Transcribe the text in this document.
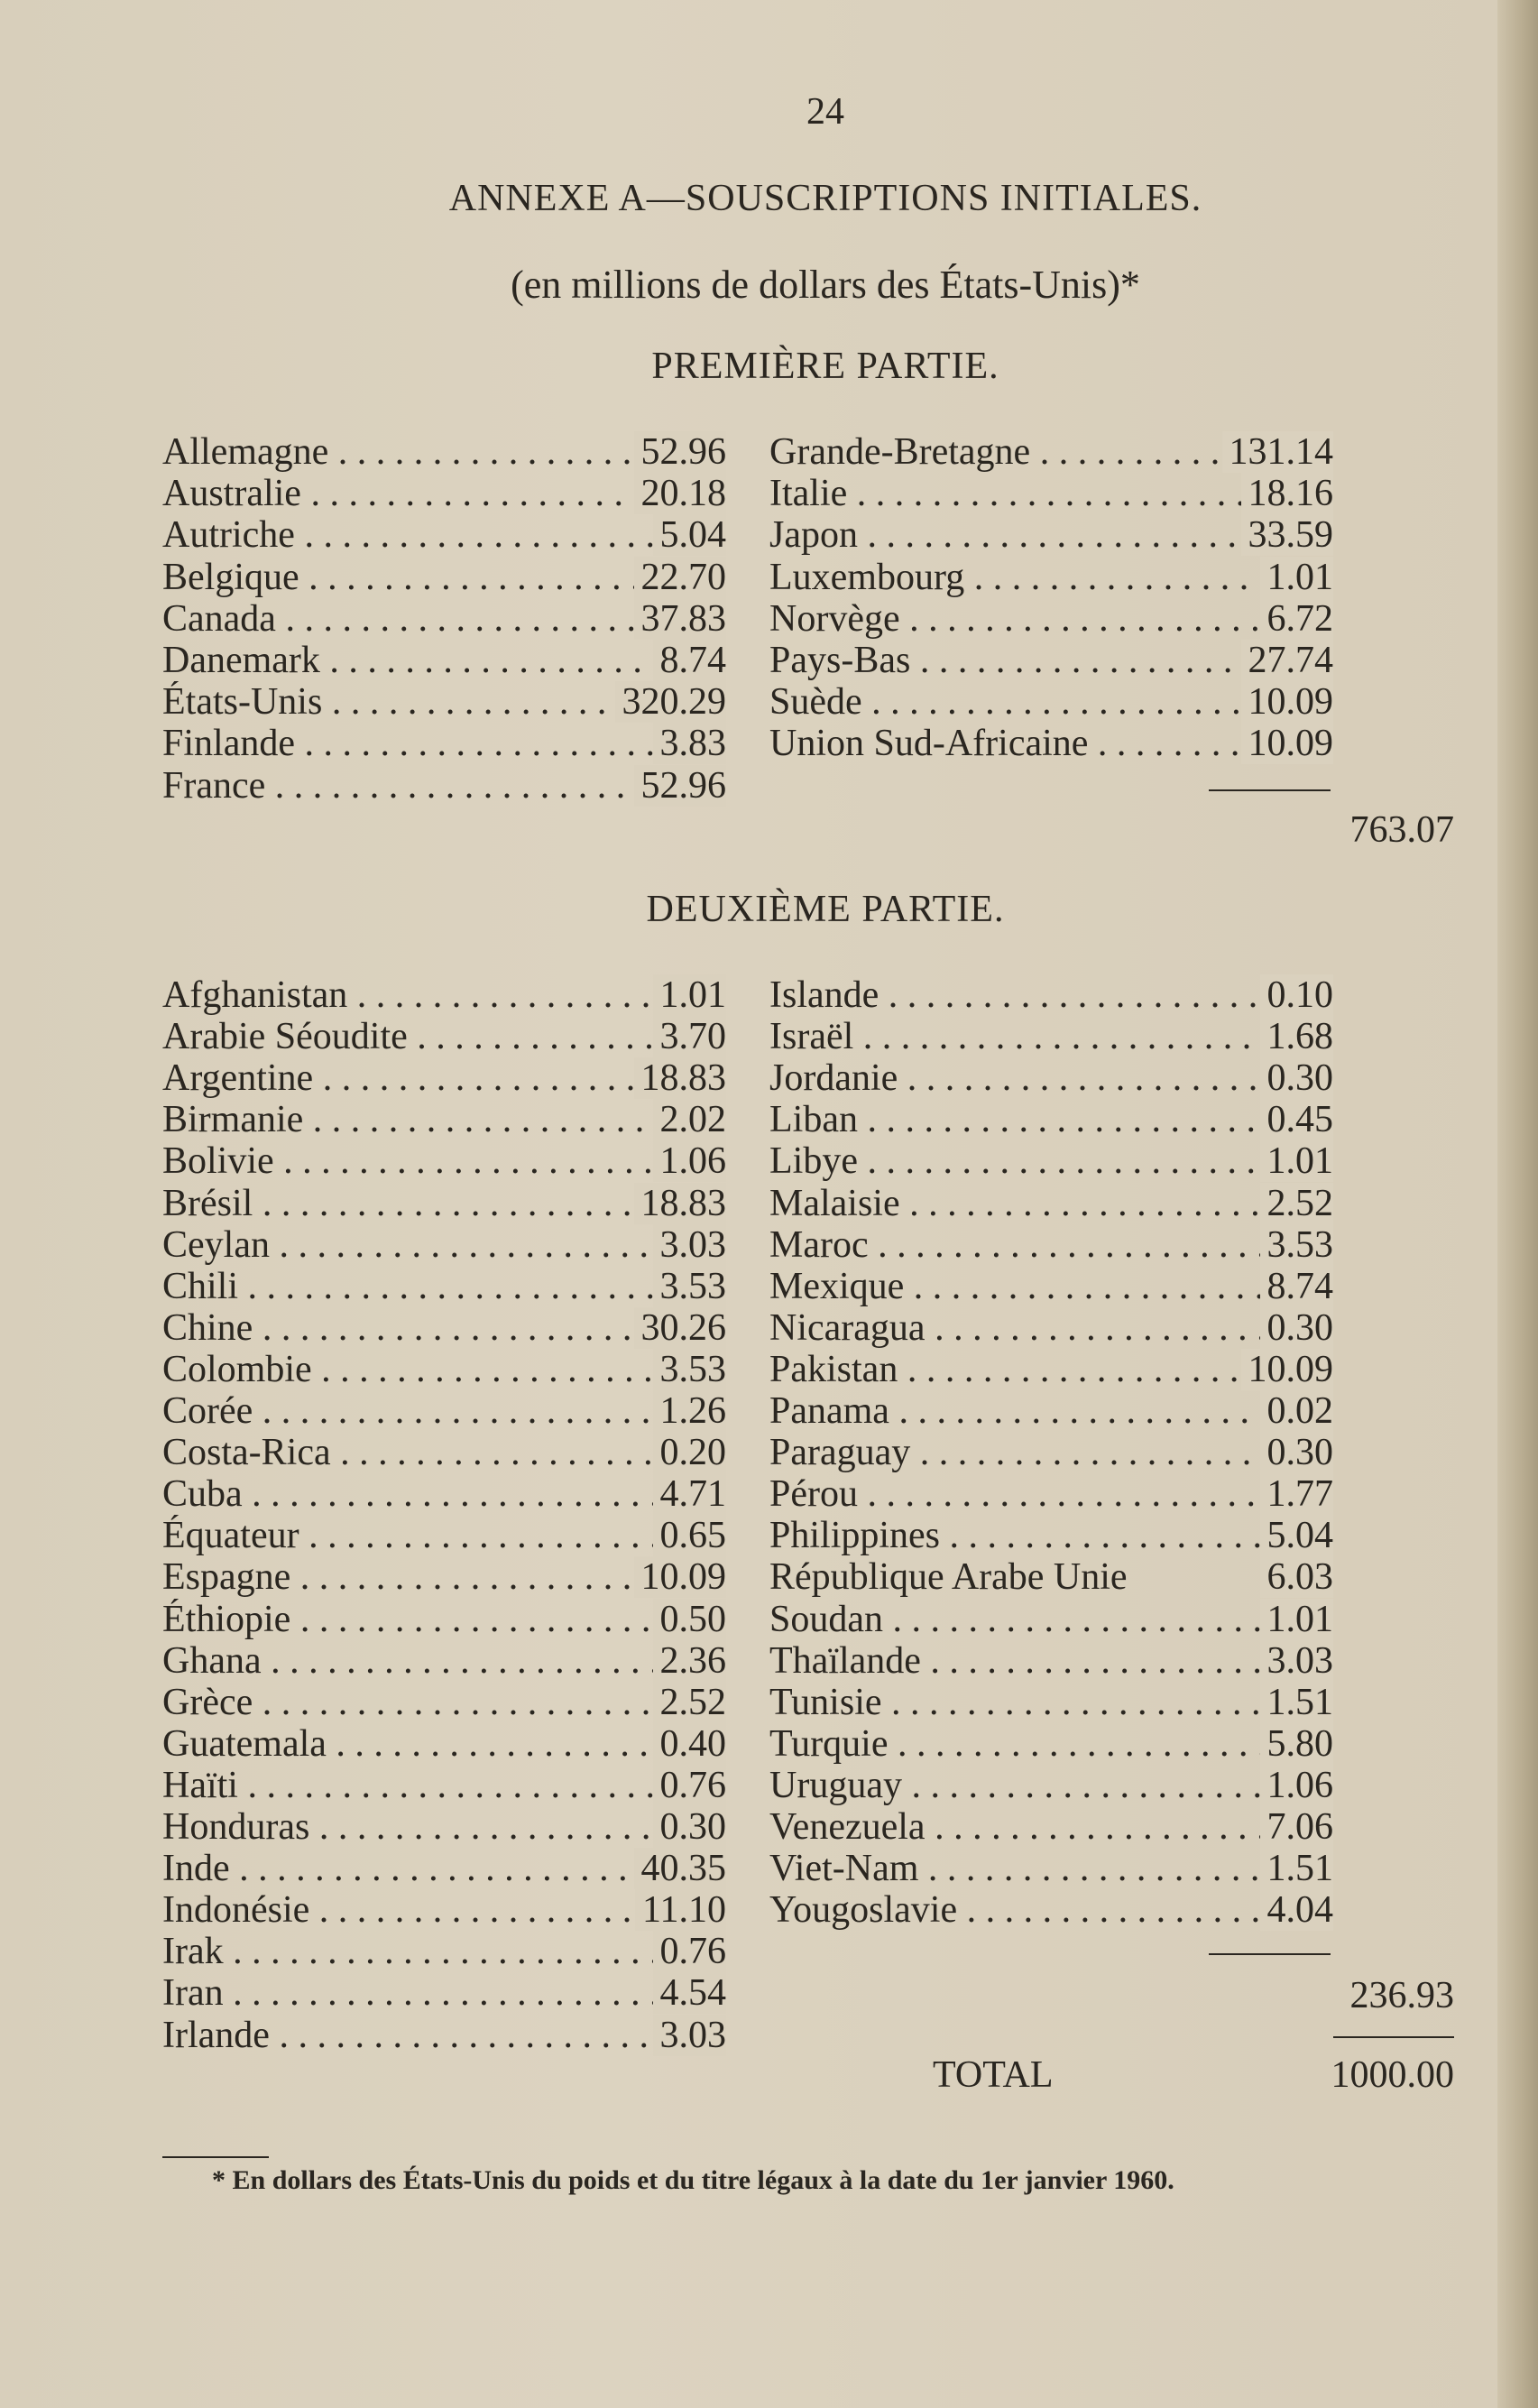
24
ANNEXE A—SOUSCRIPTIONS INITIALES.
(en millions de dollars des États-Unis)*
PREMIÈRE PARTIE.
Allemagne . . .	52.96
Australie . . .	20.18
Autriche . . .	5.04
Belgique . . .	22.70
Canada . . .	37.83
Danemark . . .	8.74
États-Unis . . .	320.29
Finlande . . .	3.83
France . . .	52.96
Grande-Bretagne . . .	131.14
Italie . . .	18.16
Japon . . .	33.59
Luxembourg . . .	1.01
Norvège . . .	6.72
Pays-Bas . . .	27.74
Suède . . .	10.09
Union Sud-Africaine . . .	10.09
763.07
DEUXIÈME PARTIE.
Afghanistan . . .	1.01
Arabie Séoudite . . .	3.70
Argentine . . .	18.83
Birmanie . . .	2.02
Bolivie . . .	1.06
Brésil . . .	18.83
Ceylan . . .	3.03
Chili . . .	3.53
Chine . . .	30.26
Colombie . . .	3.53
Corée . . .	1.26
Costa-Rica . . .	0.20
Cuba . . .	4.71
Équateur . . .	0.65
Espagne . . .	10.09
Éthiopie . . .	0.50
Ghana . . .	2.36
Grèce . . .	2.52
Guatemala . . .	0.40
Haïti . . .	0.76
Honduras . . .	0.30
Inde . . .	40.35
Indonésie . . .	11.10
Irak . . .	0.76
Iran . . .	4.54
Irlande . . .	3.03
Islande . . .	0.10
Israël . . .	1.68
Jordanie . . .	0.30
Liban . . .	0.45
Libye . . .	1.01
Malaisie . . .	2.52
Maroc . . .	3.53
Mexique . . .	8.74
Nicaragua . . .	0.30
Pakistan . . .	10.09
Panama . . .	0.02
Paraguay . . .	0.30
Pérou . . .	1.77
Philippines . . .	5.04
République Arabe Unie	6.03
Soudan . . .	1.01
Thaïlande . . .	3.03
Tunisie . . .	1.51
Turquie . . .	5.80
Uruguay . . .	1.06
Venezuela . . .	7.06
Viet-Nam . . .	1.51
Yougoslavie . . .	4.04
236.93
TOTAL	1000.00
* En dollars des États-Unis du poids et du titre légaux à la date du 1er janvier 1960.
